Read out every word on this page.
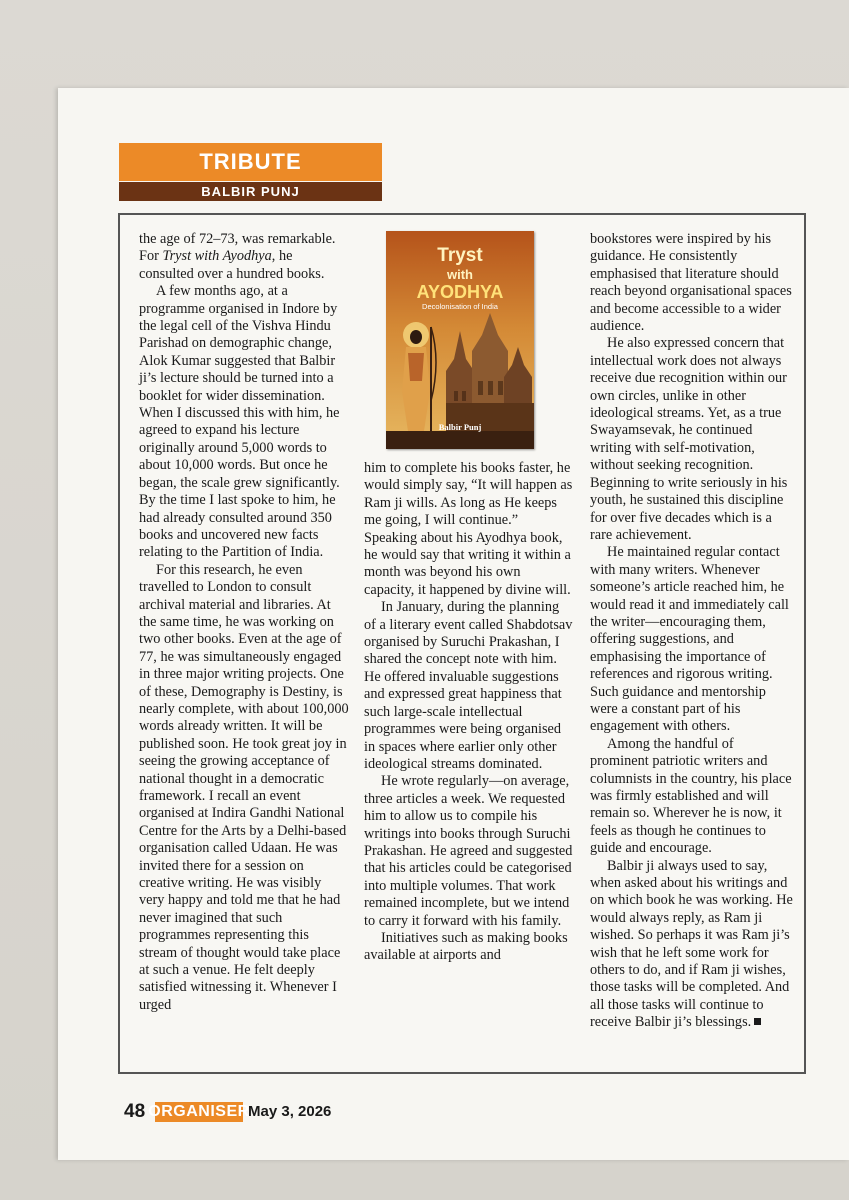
TRIBUTE
BALBIR PUNJ

the age of 72–73, was remarkable. For Tryst with Ayodhya, he consulted over a hundred books.

A few months ago, at a programme organised in Indore by the legal cell of the Vishva Hindu Parishad on demographic change, Alok Kumar suggested that Balbir ji’s lecture should be turned into a booklet for wider dissemination. When I discussed this with him, he agreed to expand his lecture originally around 5,000 words to about 10,000 words. But once he began, the scale grew significantly. By the time I last spoke to him, he had already consulted around 350 books and uncovered new facts relating to the Partition of India.

For this research, he even travelled to London to consult archival material and libraries. At the same time, he was working on two other books. Even at the age of 77, he was simultaneously engaged in three major writing projects. One of these, Demography is Destiny, is nearly complete, with about 100,000 words already written. It will be published soon. He took great joy in seeing the growing acceptance of national thought in a democratic framework. I recall an event organised at Indira Gandhi National Centre for the Arts by a Delhi-based organisation called Udaan. He was invited there for a session on creative writing. He was visibly very happy and told me that he had never imagined that such programmes representing this stream of thought would take place at such a venue. He felt deeply satisfied witnessing it. Whenever I urged

Tryst
with
AYODHYA
Decolonisation of India
Balbir Punj

him to complete his books faster, he would simply say, “It will happen as Ram ji wills. As long as He keeps me going, I will continue.” Speaking about his Ayodhya book, he would say that writing it within a month was beyond his own capacity, it happened by divine will.

In January, during the planning of a literary event called Shabdotsav organised by Suruchi Prakashan, I shared the concept note with him. He offered invaluable suggestions and expressed great happiness that such large-scale intellectual programmes were being organised in spaces where earlier only other ideological streams dominated.

He wrote regularly—on average, three articles a week. We requested him to allow us to compile his writings into books through Suruchi Prakashan. He agreed and suggested that his articles could be categorised into multiple volumes. That work remained incomplete, but we intend to carry it forward with his family.

Initiatives such as making books available at airports and

bookstores were inspired by his guidance. He consistently emphasised that literature should reach beyond organisational spaces and become accessible to a wider audience.

He also expressed concern that intellectual work does not always receive due recognition within our own circles, unlike in other ideological streams. Yet, as a true Swayamsevak, he continued writing with self-motivation, without seeking recognition. Beginning to write seriously in his youth, he sustained this discipline for over five decades which is a rare achievement.

He maintained regular contact with many writers. Whenever someone’s article reached him, he would read it and immediately call the writer—encouraging them, offering suggestions, and emphasising the importance of references and rigorous writing. Such guidance and mentorship were a constant part of his engagement with others.

Among the handful of prominent patriotic writers and columnists in the country, his place was firmly established and will remain so. Wherever he is now, it feels as though he continues to guide and encourage.

Balbir ji always used to say, when asked about his writings and on which book he was working. He would always reply, as Ram ji wished. So perhaps it was Ram ji’s wish that he left some work for others to do, and if Ram ji wishes, those tasks will be completed. And all those tasks will continue to receive Balbir ji’s blessings.

48 ORGANISER
May 3, 2026
